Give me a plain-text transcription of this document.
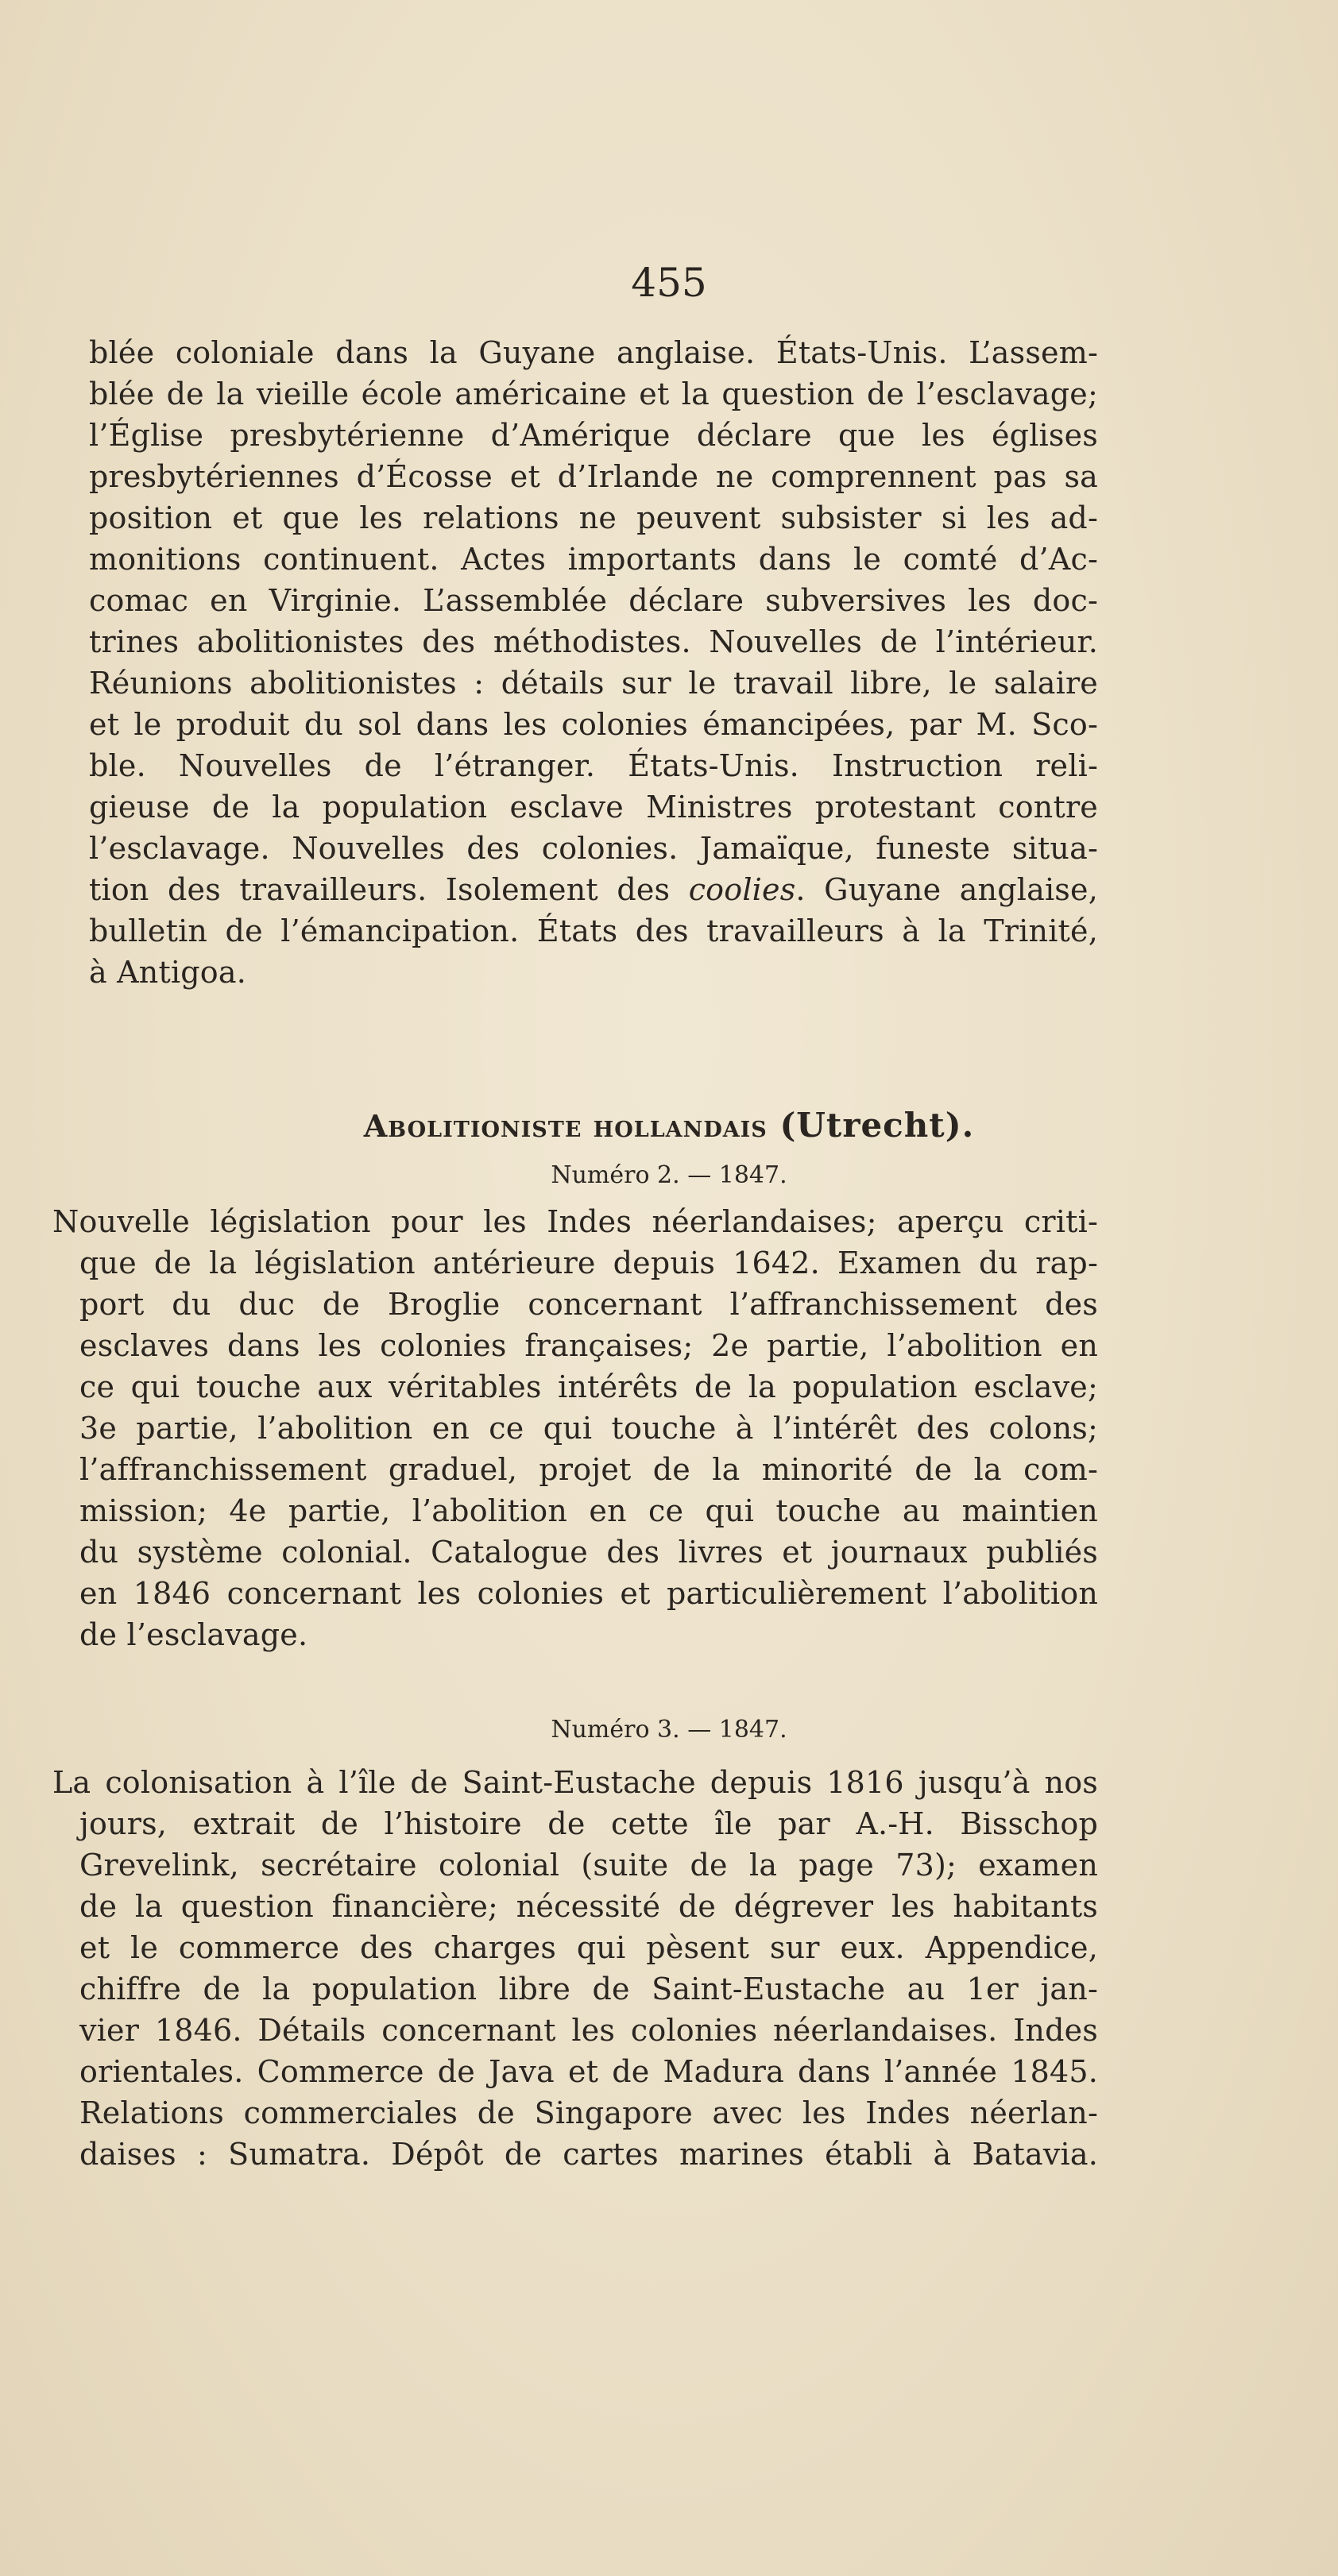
455
blée coloniale dans la Guyane anglaise. États-Unis. L’assem-
blée de la vieille école américaine et la question de l’esclavage;
l’Église presbytérienne d’Amérique déclare que les églises
presbytériennes d’Écosse et d’Irlande ne comprennent pas sa
position et que les relations ne peuvent subsister si les ad-
monitions continuent. Actes importants dans le comté d’Ac-
comac en Virginie. L’assemblée déclare subversives les doc-
trines abolitionistes des méthodistes. Nouvelles de l’intérieur.
Réunions abolitionistes : détails sur le travail libre, le salaire
et le produit du sol dans les colonies émancipées, par M. Sco-
ble. Nouvelles de l’étranger. États-Unis. Instruction reli-
gieuse de la population esclave Ministres protestant contre
l’esclavage. Nouvelles des colonies. Jamaïque, funeste situa-
tion des travailleurs. Isolement des coolies. Guyane anglaise,
bulletin de l’émancipation. États des travailleurs à la Trinité,
à Antigoa.
Abolitioniste hollandais (Utrecht).
Numéro 2. — 1847.
Nouvelle législation pour les Indes néerlandaises; aperçu criti-
que de la législation antérieure depuis 1642. Examen du rap-
port du duc de Broglie concernant l’affranchissement des
esclaves dans les colonies françaises; 2e partie, l’abolition en
ce qui touche aux véritables intérêts de la population esclave;
3e partie, l’abolition en ce qui touche à l’intérêt des colons;
l’affranchissement graduel, projet de la minorité de la com-
mission; 4e partie, l’abolition en ce qui touche au maintien
du système colonial. Catalogue des livres et journaux publiés
en 1846 concernant les colonies et particulièrement l’abolition
de l’esclavage.
Numéro 3. — 1847.
La colonisation à l’île de Saint-Eustache depuis 1816 jusqu’à nos
jours, extrait de l’histoire de cette île par A.-H. Bisschop
Grevelink, secrétaire colonial (suite de la page 73); examen
de la question financière; nécessité de dégrever les habitants
et le commerce des charges qui pèsent sur eux. Appendice,
chiffre de la population libre de Saint-Eustache au 1er jan-
vier 1846. Détails concernant les colonies néerlandaises. Indes
orientales. Commerce de Java et de Madura dans l’année 1845.
Relations commerciales de Singapore avec les Indes néerlan-
daises : Sumatra. Dépôt de cartes marines établi à Batavia.
